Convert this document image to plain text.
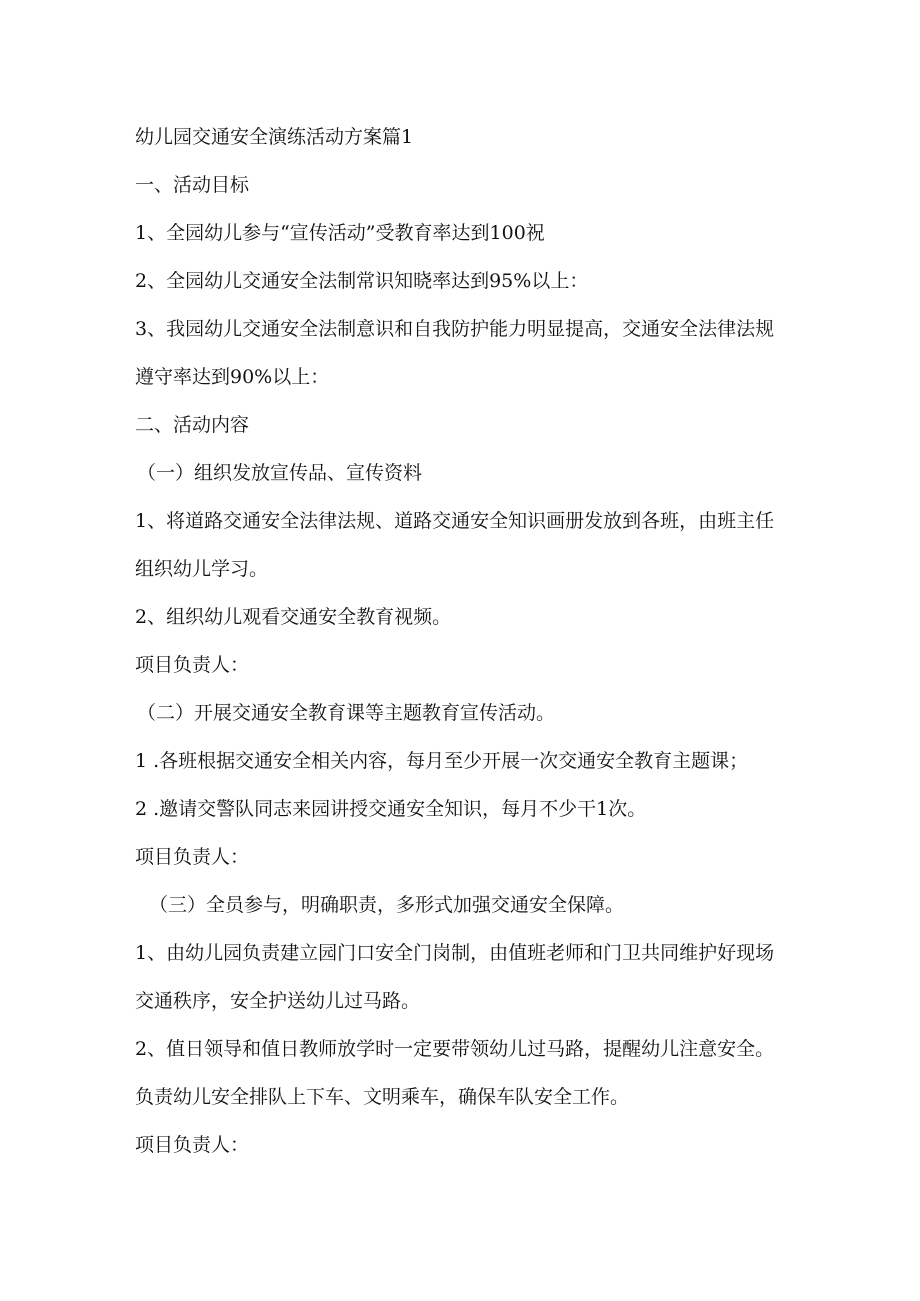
幼儿园交通安全演练活动方案篇1

一、活动目标

1、全园幼儿参与“宣传活动”受教育率达到100祝

2、全园幼儿交通安全法制常识知晓率达到95%以上：

3、我园幼儿交通安全法制意识和自我防护能力明显提高，交通安全法律法规遵守率达到90%以上：

二、活动内容

（一）组织发放宣传品、宣传资料

1、将道路交通安全法律法规、道路交通安全知识画册发放到各班，由班主任组织幼儿学习。

2、组织幼儿观看交通安全教育视频。

项目负责人：

（二）开展交通安全教育课等主题教育宣传活动。

1 .各班根据交通安全相关内容，每月至少开展一次交通安全教育主题课；

2 .邀请交警队同志来园讲授交通安全知识，每月不少干1次。

项目负责人：

（三）全员参与，明确职责，多形式加强交通安全保障。

1、由幼儿园负责建立园门口安全门岗制，由值班老师和门卫共同维护好现场交通秩序，安全护送幼儿过马路。

2、值日领导和值日教师放学时一定要带领幼儿过马路，提醒幼儿注意安全。负责幼儿安全排队上下车、文明乘车，确保车队安全工作。

项目负责人：
